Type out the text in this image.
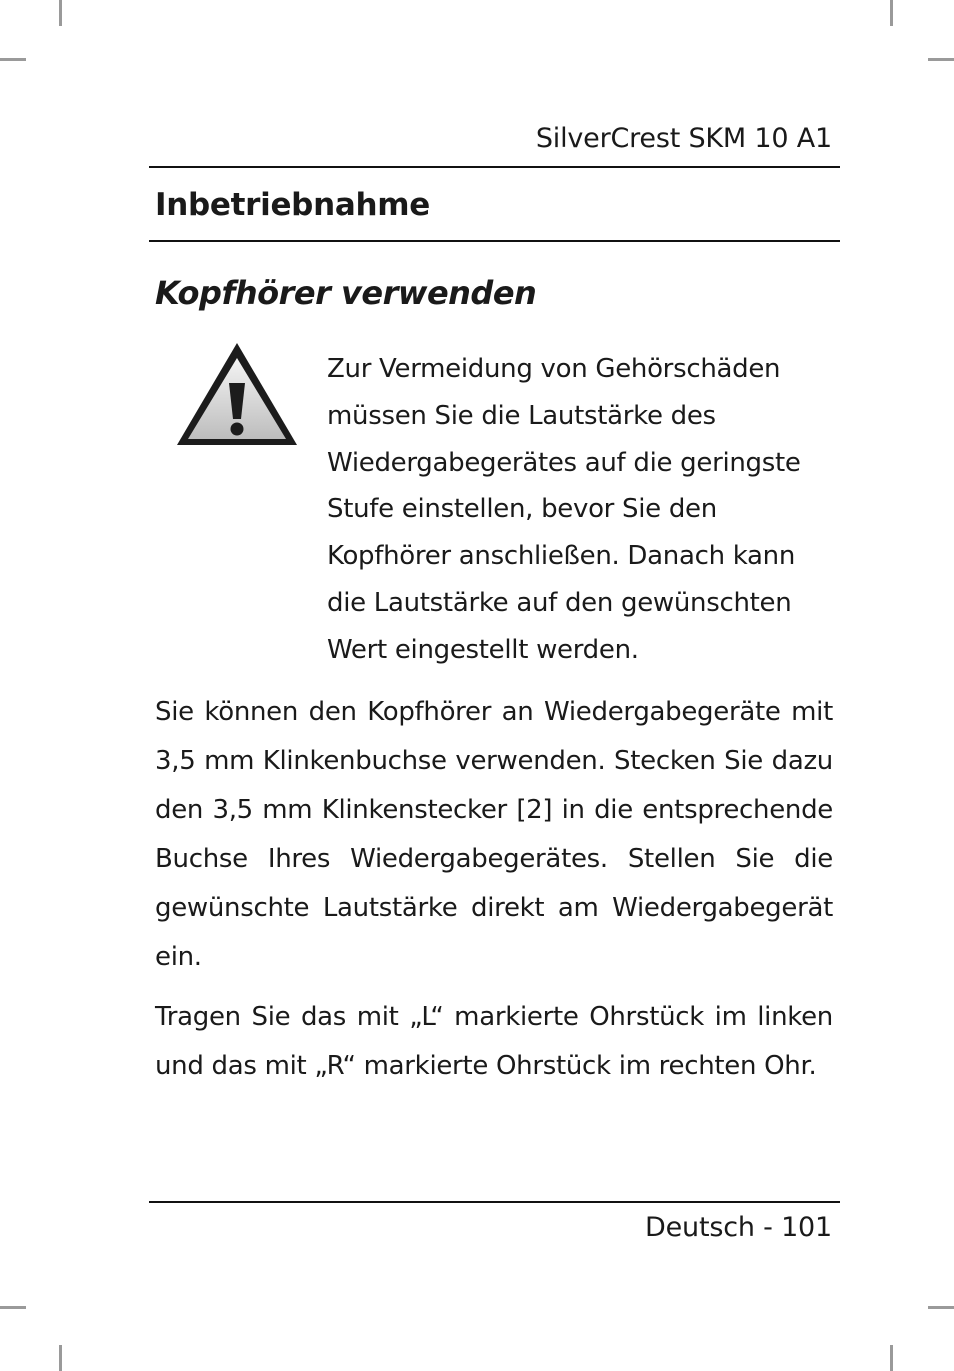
SilverCrest SKM 10 A1
Inbetriebnahme
Kopfhörer verwenden
Zur Vermeidung von Gehörschäden müssen Sie die Lautstärke des Wiedergabegerätes auf die geringste Stufe einstellen, bevor Sie den Kopfhörer anschließen. Danach kann die Lautstärke auf den gewünschten Wert eingestellt werden.
Sie können den Kopfhörer an Wiedergabegeräte mit 3,5 mm Klinkenbuchse verwenden. Stecken Sie dazu den 3,5 mm Klinkenstecker [2] in die entsprechende Buchse Ihres Wiedergabegerätes. Stellen Sie die gewünschte Lautstärke direkt am Wiedergabegerät ein.
Tragen Sie das mit „L“ markierte Ohrstück im linken und das mit „R“ markierte Ohrstück im rechten Ohr.
Deutsch - 101
